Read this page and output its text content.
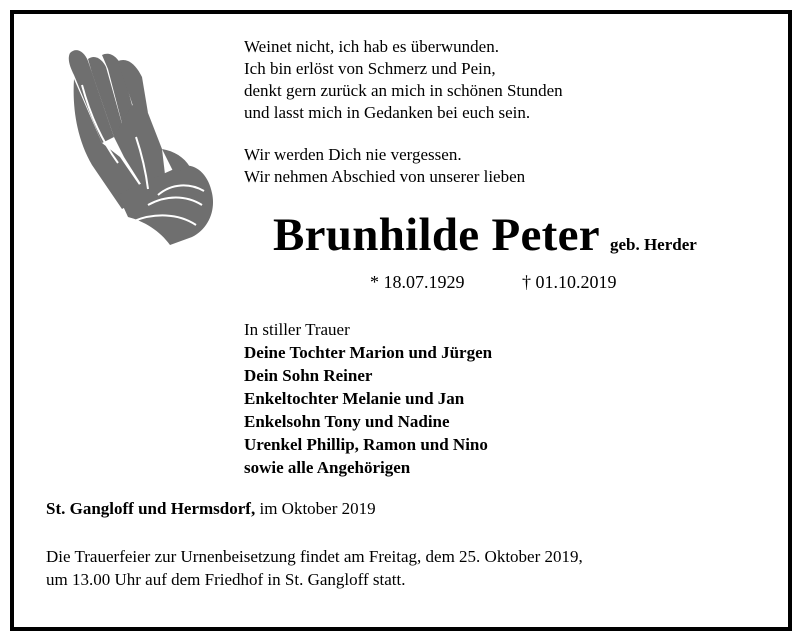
Weinet nicht, ich hab es überwunden.
Ich bin erlöst von Schmerz und Pein,
denkt gern zurück an mich in schönen Stunden
und lasst mich in Gedanken bei euch sein.
Wir werden Dich nie vergessen.
Wir nehmen Abschied von unserer lieben
Brunhilde Peter geb. Herder
* 18.07.1929	† 01.10.2019
In stiller Trauer
Deine Tochter Marion und Jürgen
Dein Sohn Reiner
Enkeltochter Melanie und Jan
Enkelsohn Tony und Nadine
Urenkel Phillip, Ramon und Nino
sowie alle Angehörigen
St. Gangloff und Hermsdorf, im Oktober 2019
Die Trauerfeier zur Urnenbeisetzung findet am Freitag, dem 25. Oktober 2019,
um 13.00 Uhr auf dem Friedhof in St. Gangloff statt.
